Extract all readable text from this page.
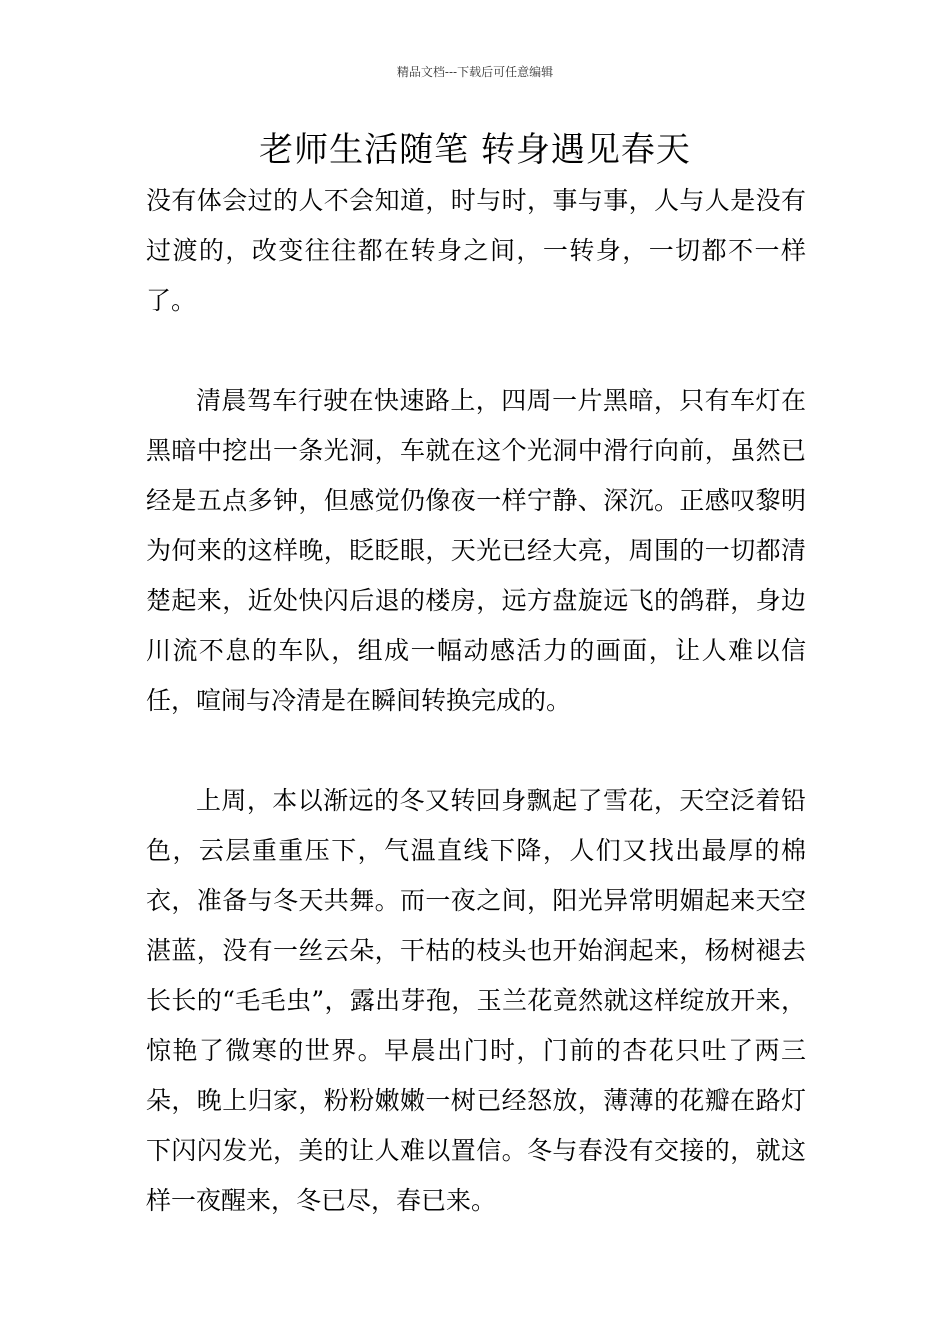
精品文档---下载后可任意编辑
老师生活随笔 转身遇见春天

没有体会过的人不会知道，时与时，事与事，人与人是没有过渡的，改变往往都在转身之间，一转身，一切都不一样了。

清晨驾车行驶在快速路上，四周一片黑暗，只有车灯在黑暗中挖出一条光洞，车就在这个光洞中滑行向前，虽然已经是五点多钟，但感觉仍像夜一样宁静、深沉。正感叹黎明为何来的这样晚，眨眨眼，天光已经大亮，周围的一切都清楚起来，近处快闪后退的楼房，远方盘旋远飞的鸽群，身边川流不息的车队，组成一幅动感活力的画面，让人难以信任，喧闹与冷清是在瞬间转换完成的。

上周，本以渐远的冬又转回身飘起了雪花，天空泛着铅色，云层重重压下，气温直线下降，人们又找出最厚的棉衣，准备与冬天共舞。而一夜之间，阳光异常明媚起来天空湛蓝，没有一丝云朵，干枯的枝头也开始润起来，杨树褪去长长的“毛毛虫”，露出芽孢，玉兰花竟然就这样绽放开来，惊艳了微寒的世界。早晨出门时，门前的杏花只吐了两三朵，晚上归家，粉粉嫩嫩一树已经怒放，薄薄的花瓣在路灯下闪闪发光，美的让人难以置信。冬与春没有交接的，就这样一夜醒来，冬已尽，春已来。
